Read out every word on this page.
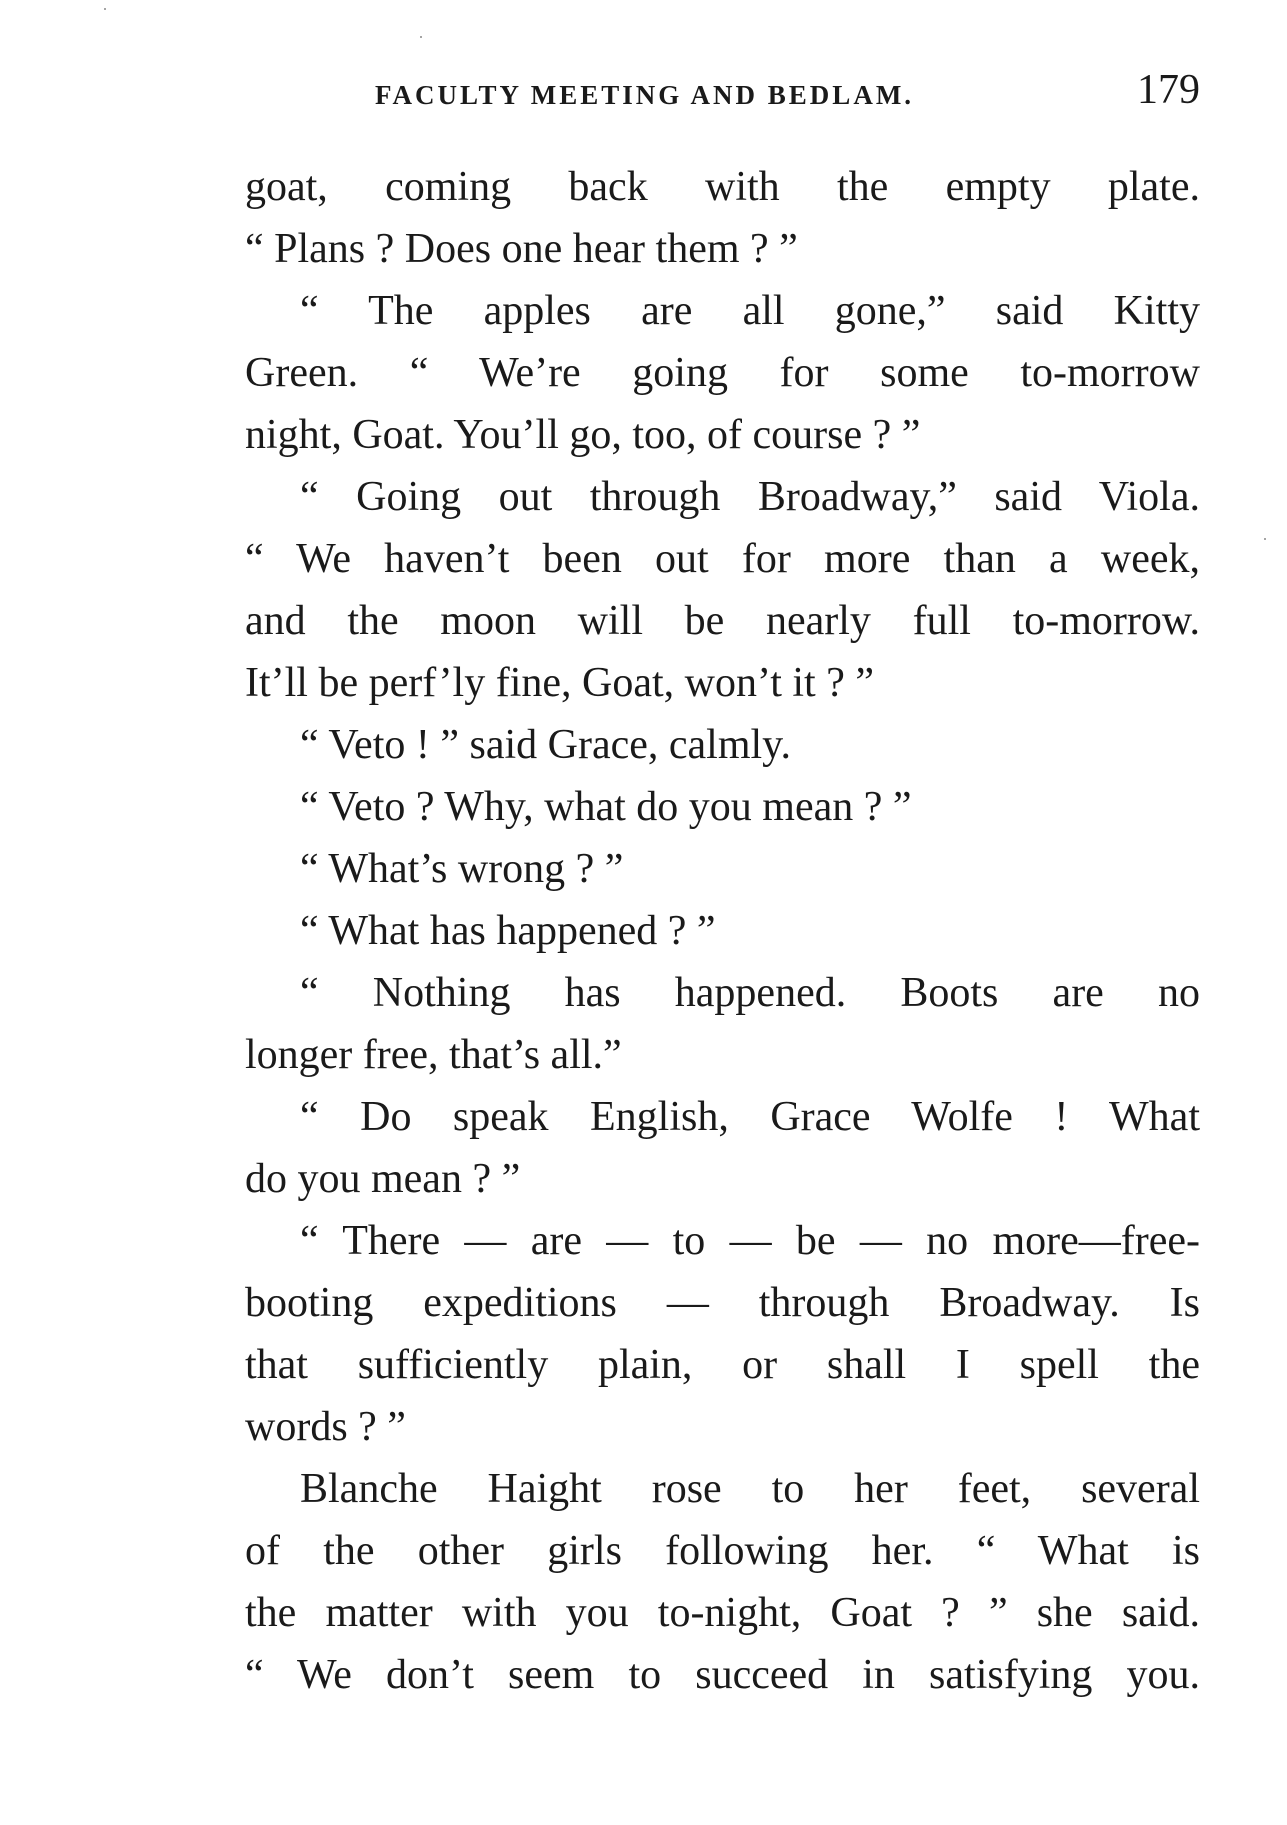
FACULTY MEETING AND BEDLAM.	179
goat, coming back with the empty plate.
“ Plans ? Does one hear them ? ”
“ The apples are all gone,” said Kitty
Green. “ We’re going for some to-morrow
night, Goat. You’ll go, too, of course ? ”
“ Going out through Broadway,” said Viola.
“ We haven’t been out for more than a week,
and the moon will be nearly full to-morrow.
It’ll be perf’ly fine, Goat, won’t it ? ”
“ Veto ! ” said Grace, calmly.
“ Veto ? Why, what do you mean ? ”
“ What’s wrong ? ”
“ What has happened ? ”
“ Nothing has happened. Boots are no
longer free, that’s all.”
“ Do speak English, Grace Wolfe ! What
do you mean ? ”
“ There — are — to — be — no more—free-
booting expeditions — through Broadway. Is
that sufficiently plain, or shall I spell the
words ? ”
Blanche Haight rose to her feet, several
of the other girls following her. “ What is
the matter with you to-night, Goat ? ” she said.
“ We don’t seem to succeed in satisfying you.
